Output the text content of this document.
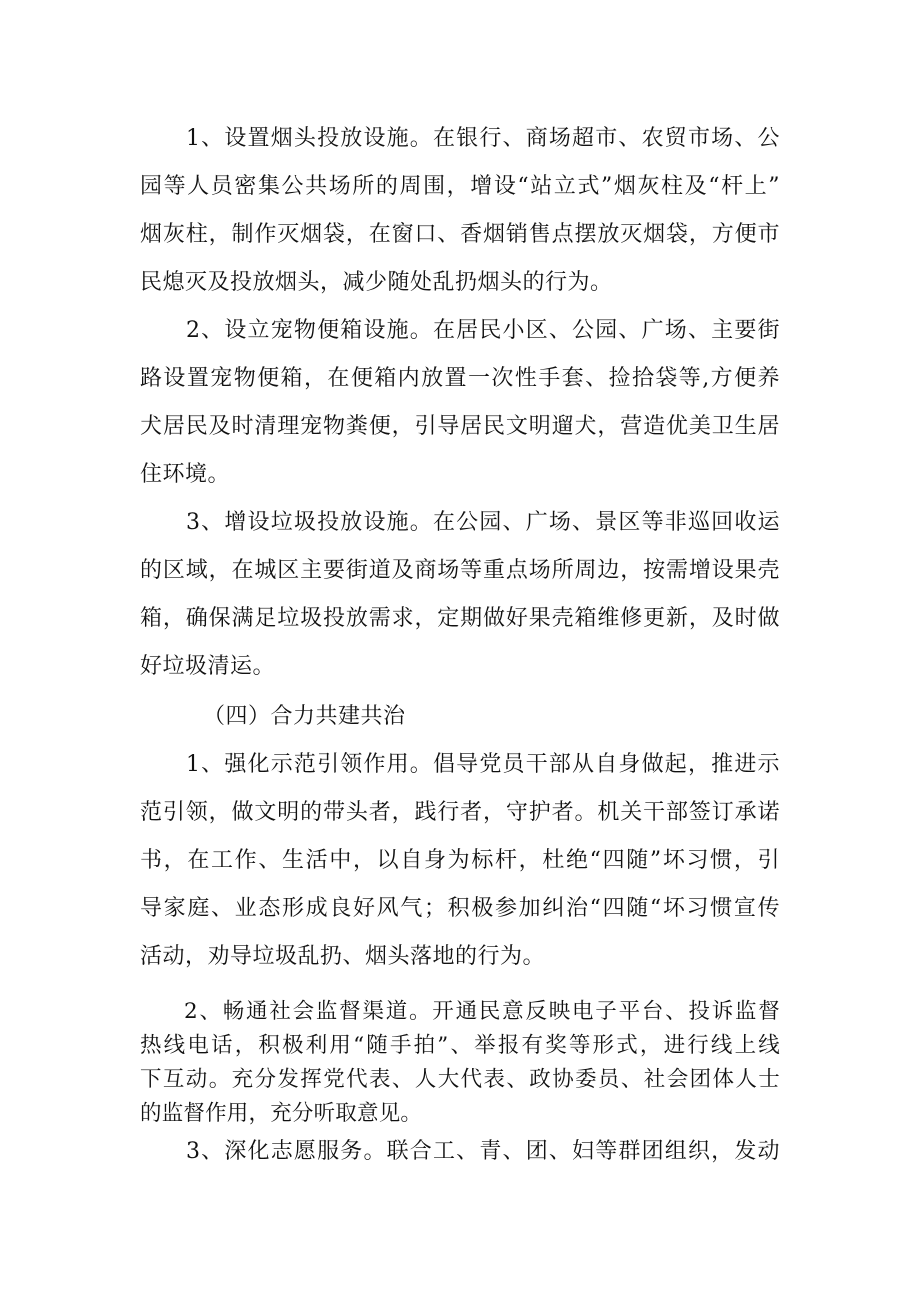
1、设置烟头投放设施。在银行、商场超市、农贸市场、公
园等人员密集公共场所的周围，增设“站立式”烟灰柱及“杆上”
烟灰柱，制作灭烟袋，在窗口、香烟销售点摆放灭烟袋，方便市
民熄灭及投放烟头，减少随处乱扔烟头的行为。
2、设立宠物便箱设施。在居民小区、公园、广场、主要街
路设置宠物便箱，在便箱内放置一次性手套、捡拾袋等,方便养
犬居民及时清理宠物粪便，引导居民文明遛犬，营造优美卫生居
住环境。
3、增设垃圾投放设施。在公园、广场、景区等非巡回收运
的区域，在城区主要街道及商场等重点场所周边，按需增设果壳
箱，确保满足垃圾投放需求，定期做好果壳箱维修更新，及时做
好垃圾清运。
（四）合力共建共治
1、强化示范引领作用。倡导党员干部从自身做起，推进示
范引领，做文明的带头者，践行者，守护者。机关干部签订承诺
书，在工作、生活中，以自身为标杆，杜绝“四随”坏习惯，引
导家庭、业态形成良好风气；积极参加纠治“四随“坏习惯宣传
活动，劝导垃圾乱扔、烟头落地的行为。
2、畅通社会监督渠道。开通民意反映电子平台、投诉监督
热线电话，积极利用“随手拍”、举报有奖等形式，进行线上线
下互动。充分发挥党代表、人大代表、政协委员、社会团体人士
的监督作用，充分听取意见。
3、深化志愿服务。联合工、青、团、妇等群团组织，发动
